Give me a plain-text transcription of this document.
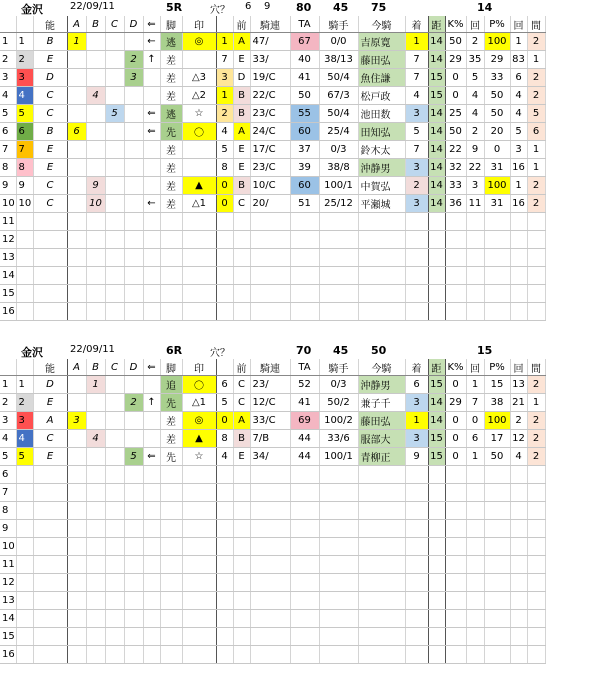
金沢	22/09/11	5R	穴？ 6 9 80 45 75	14
		能	A	B	C	D	⇐	脚	印		前	騎連	TA	騎手	今騎	着	距	K%	回	P%	回	間
1	1	B	1				←	逃	◎	1	A	47/	67	0/0	吉原寛	1	14	50	2	100	1	2
2	2	E				2	↑	差		7	E	33/	40	38/13	藤田弘	7	14	29	35	29	83	1
3	3	D				3		差	△3	3	D	19/C	41	50/4	魚住謙	7	15	0	5	33	6	2
4	4	C		4				差	△2	1	B	22/C	50	67/3	松戸政	4	15	0	4	50	4	2
5	5	C			5		⇐	逃	☆	2	B	23/C	55	50/4	池田数	3	14	25	4	50	4	5
6	6	B	6				⇐	先	〇	4	A	24/C	60	25/4	田知弘	5	14	50	2	20	5	6
7	7	E						差		5	E	17/C	37	0/3	鈴木太	7	14	22	9	0	3	1
8	8	E						差		8	E	23/C	39	38/8	沖静男	3	14	32	22	31	16	1
9	9	C		9				差	▲	0	B	10/C	60	100/1	中賀弘	2	14	33	3	100	1	2
10	10	C		10			←	差	△1	0	C	20/	51	25/12	平瀬城	3	14	36	11	31	16	2
11																						
12																						
13																						
14																						
15																						
16																						
金沢	22/09/11	6R	穴？	70 45 50	15
		能	A	B	C	D	⇐	脚	印		前	騎連	TA	騎手	今騎	着	距	K%	回	P%	回	間
1	1	D		1				追	〇	6	C	23/	52	0/3	沖静男	6	15	0	1	15	13	2
2	2	E				2	↑	先	△1	5	C	12/C	41	50/2	兼子千	3	14	29	7	38	21	1
3	3	A	3					差	◎	0	A	33/C	69	100/2	藤田弘	1	14	0	0	100	2	2
4	4	C		4				差	▲	8	B	7/B	44	33/6	服部大	3	15	0	6	17	12	2
5	5	E				5	⇐	先	☆	4	E	34/	44	100/1	青柳正	9	15	0	1	50	4	2
6																						
7																						
8																						
9																						
10																						
11																						
12																						
13																						
14																						
15																						
16																						
